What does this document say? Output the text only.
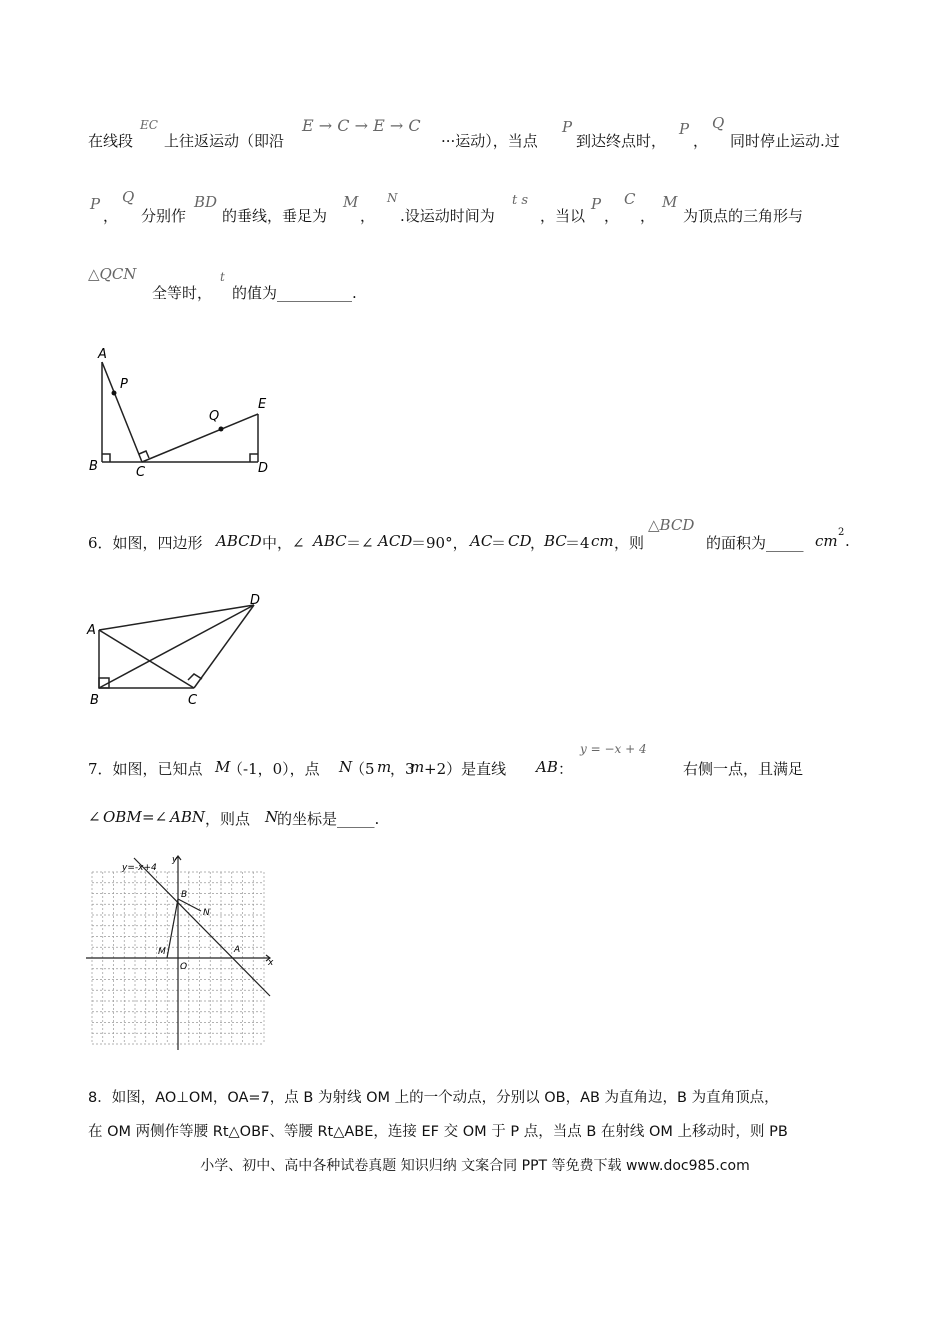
在线段
EC
上往返运动（即沿
E → C → E → C
···运动），当点
P
到达终点时，
P
，
Q
同时停止运动.过
P
，
Q
分别作
BD
的垂线，垂足为
M
，
N
.设运动时间为
t s
，当以
P
，
C
，
M
为顶点的三角形与
△QCN
全等时，
t
的值为__________.
A
P
Q
E
B	C	D
6．如图，四边形 ABCD 中，∠ ABC ＝∠ ACD
＝90°， AC
＝ CD
，
BC
＝4 cm ，则
△BCD
的面积为_____ cm 2 .
A
B	C
D
7．如图，已知点 M
（-1，0），点 N
（5 m
，3
m +2）是直线 AB ：
y = −x + 4
右侧一点，且满足
∠ OBM =∠ ABN ，则点 N
的坐标是_____.
y=-x+4
y
x
B
N
M	A
O
8．如图，AO⊥OM，OA=7，点 B 为射线 OM 上的一个动点，分别以 OB，AB 为直角边，B 为直角顶点，
在 OM 两侧作等腰 Rt△OBF、等腰 Rt△ABE，连接 EF 交 OM 于 P 点，当点 B 在射线 OM 上移动时，则 PB
小学、初中、高中各种试卷真题 知识归纳 文案合同 PPT 等免费下载 www.doc985.com
